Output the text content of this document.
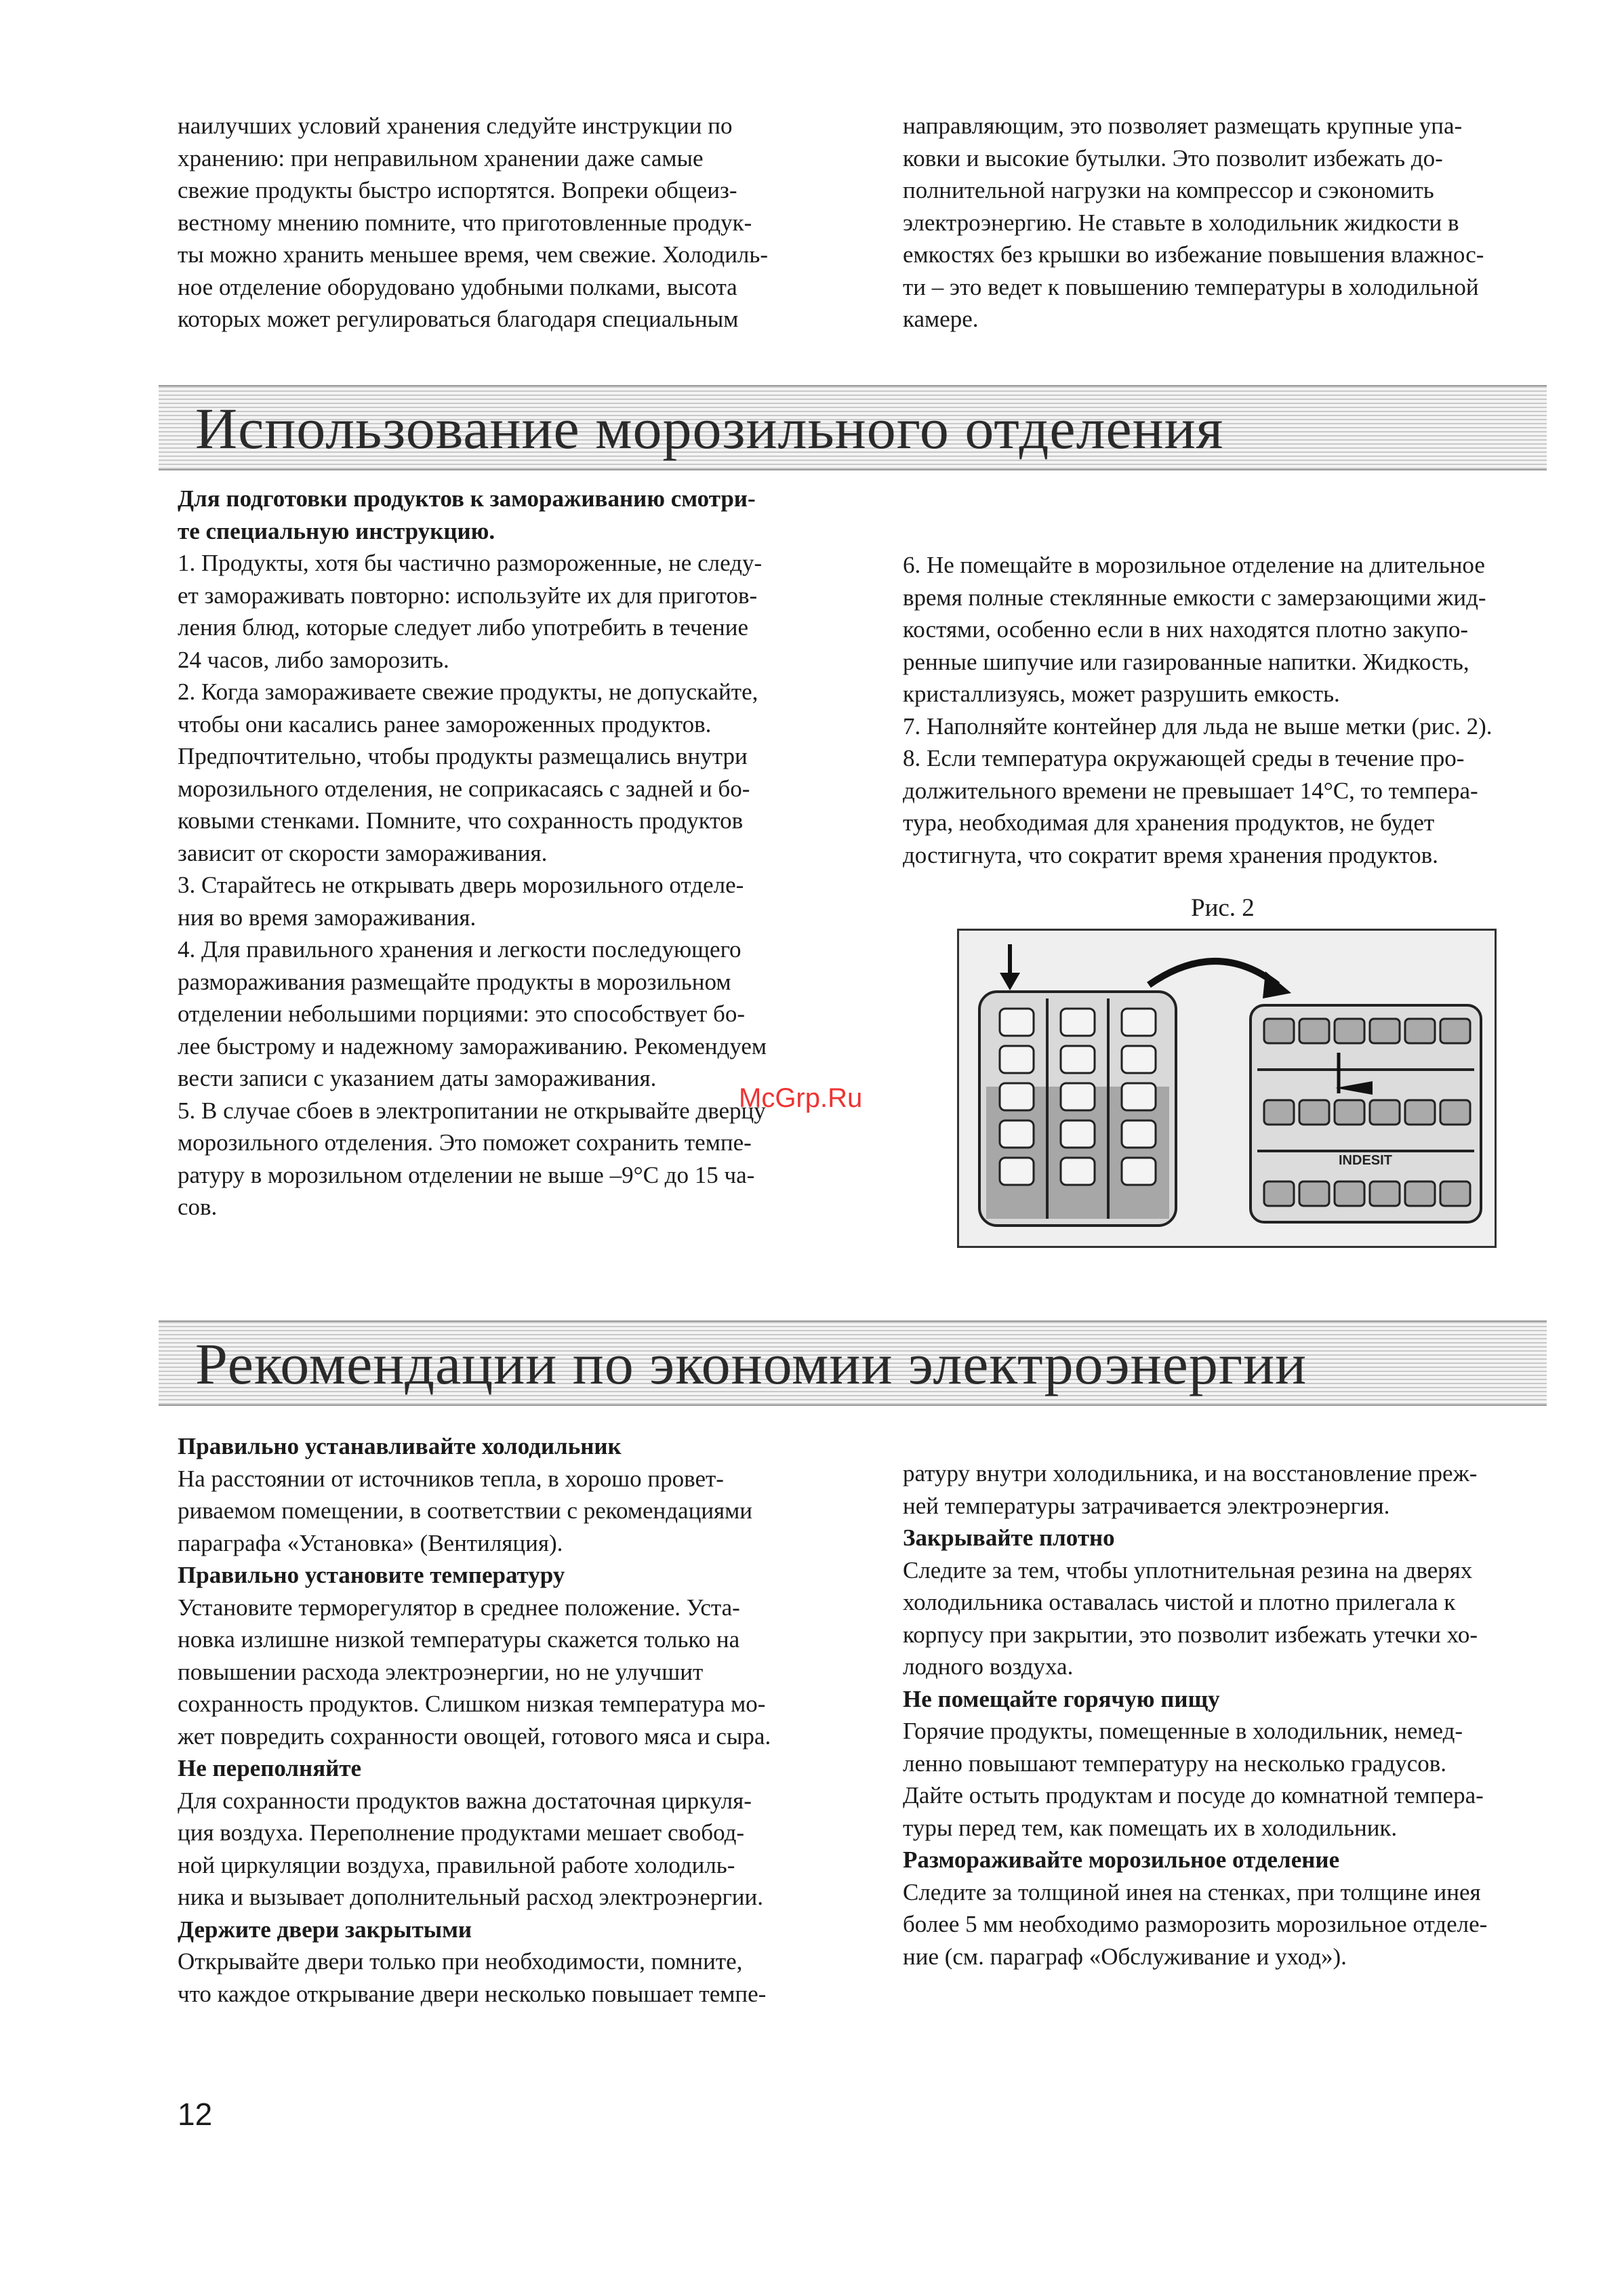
наилучших условий хранения следуйте инструкции по

хранению: при неправильном хранении даже самые

свежие продукты быстро испортятся. Вопреки общеиз-

вестному мнению помните, что приготовленные продук-

ты можно хранить меньшее время, чем свежие. Холодиль-

ное отделение оборудовано удобными полками, высота

которых может регулироваться благодаря специальным

направляющим, это позволяет размещать крупные упа-

ковки и высокие бутылки. Это позволит избежать до-

полнительной нагрузки на компрессор и сэкономить

электроэнергию. Не ставьте в холодильник жидкости в

емкостях без крышки во избежание повышения влажнос-

ти – это ведет к повышению температуры в холодильной

камере.

Использование морозильного отделения

Для подготовки продуктов к замораживанию смотри-

те специальную инструкцию.

1. Продукты, хотя бы частично размороженные, не следу-

ет замораживать повторно: используйте их для приготов-

ления блюд, которые следует либо употребить в течение

24 часов, либо заморозить.

2. Когда замораживаете свежие продукты, не допускайте,

чтобы они касались ранее замороженных продуктов.

Предпочтительно, чтобы продукты размещались внутри

морозильного отделения, не соприкасаясь с задней и бо-

ковыми стенками. Помните, что сохранность продуктов

зависит от скорости замораживания.

3. Старайтесь не открывать дверь морозильного отделе-

ния во время замораживания.

4. Для правильного хранения и легкости последующего

размораживания размещайте продукты в морозильном

отделении небольшими порциями: это способствует бо-

лее быстрому и надежному замораживанию. Рекомендуем

вести записи с указанием даты замораживания.

5. В случае сбоев в электропитании не открывайте дверцу

морозильного отделения. Это поможет сохранить темпе-

ратуру в морозильном отделении не выше –9°C до 15 ча-

сов.

6. Не помещайте в морозильное отделение на длительное

время полные стеклянные емкости с замерзающими жид-

костями, особенно если в них находятся плотно закупо-

ренные шипучие или газированные напитки. Жидкость,

кристаллизуясь, может разрушить емкость.

7. Наполняйте контейнер для льда не выше метки (рис. 2).

8. Если температура окружающей среды в течение про-

должительного времени не превышает 14°C, то темпера-

тура, необходимая для хранения продуктов, не будет

достигнута, что сократит время хранения продуктов.

Рис. 2
INDESIT
McGrp.Ru
Рекомендации по экономии электроэнергии

Правильно устанавливайте холодильник

На расстоянии от источников тепла, в хорошо провет-

риваемом помещении, в соответствии с рекомендациями

параграфа «Установка» (Вентиляция).

Правильно установите температуру

Установите терморегулятор в среднее положение. Уста-

новка излишне низкой температуры скажется только на

повышении расхода электроэнергии, но не улучшит

сохранность продуктов. Слишком низкая температура мо-

жет повредить сохранности овощей, готового мяса и сыра.

Не переполняйте

Для сохранности продуктов важна достаточная циркуля-

ция воздуха. Переполнение продуктами мешает свобод-

ной циркуляции воздуха, правильной работе холодиль-

ника и вызывает дополнительный расход электроэнергии.

Держите двери закрытыми

Открывайте двери только при необходимости, помните,

что каждое открывание двери несколько повышает темпе-

ратуру внутри холодильника, и на восстановление преж-

ней температуры затрачивается электроэнергия.

Закрывайте плотно

Следите за тем, чтобы уплотнительная резина на дверях

холодильника оставалась чистой и плотно прилегала к

корпусу при закрытии, это позволит избежать утечки хо-

лодного воздуха.

Не помещайте горячую пищу

Горячие продукты, помещенные в холодильник, немед-

ленно повышают температуру на несколько градусов.

Дайте остыть продуктам и посуде до комнатной темпера-

туры перед тем, как помещать их в холодильник.

Размораживайте морозильное отделение

Следите за толщиной инея на стенках, при толщине инея

более 5 мм необходимо разморозить морозильное отделе-

ние (см. параграф «Обслуживание и уход»).

12
